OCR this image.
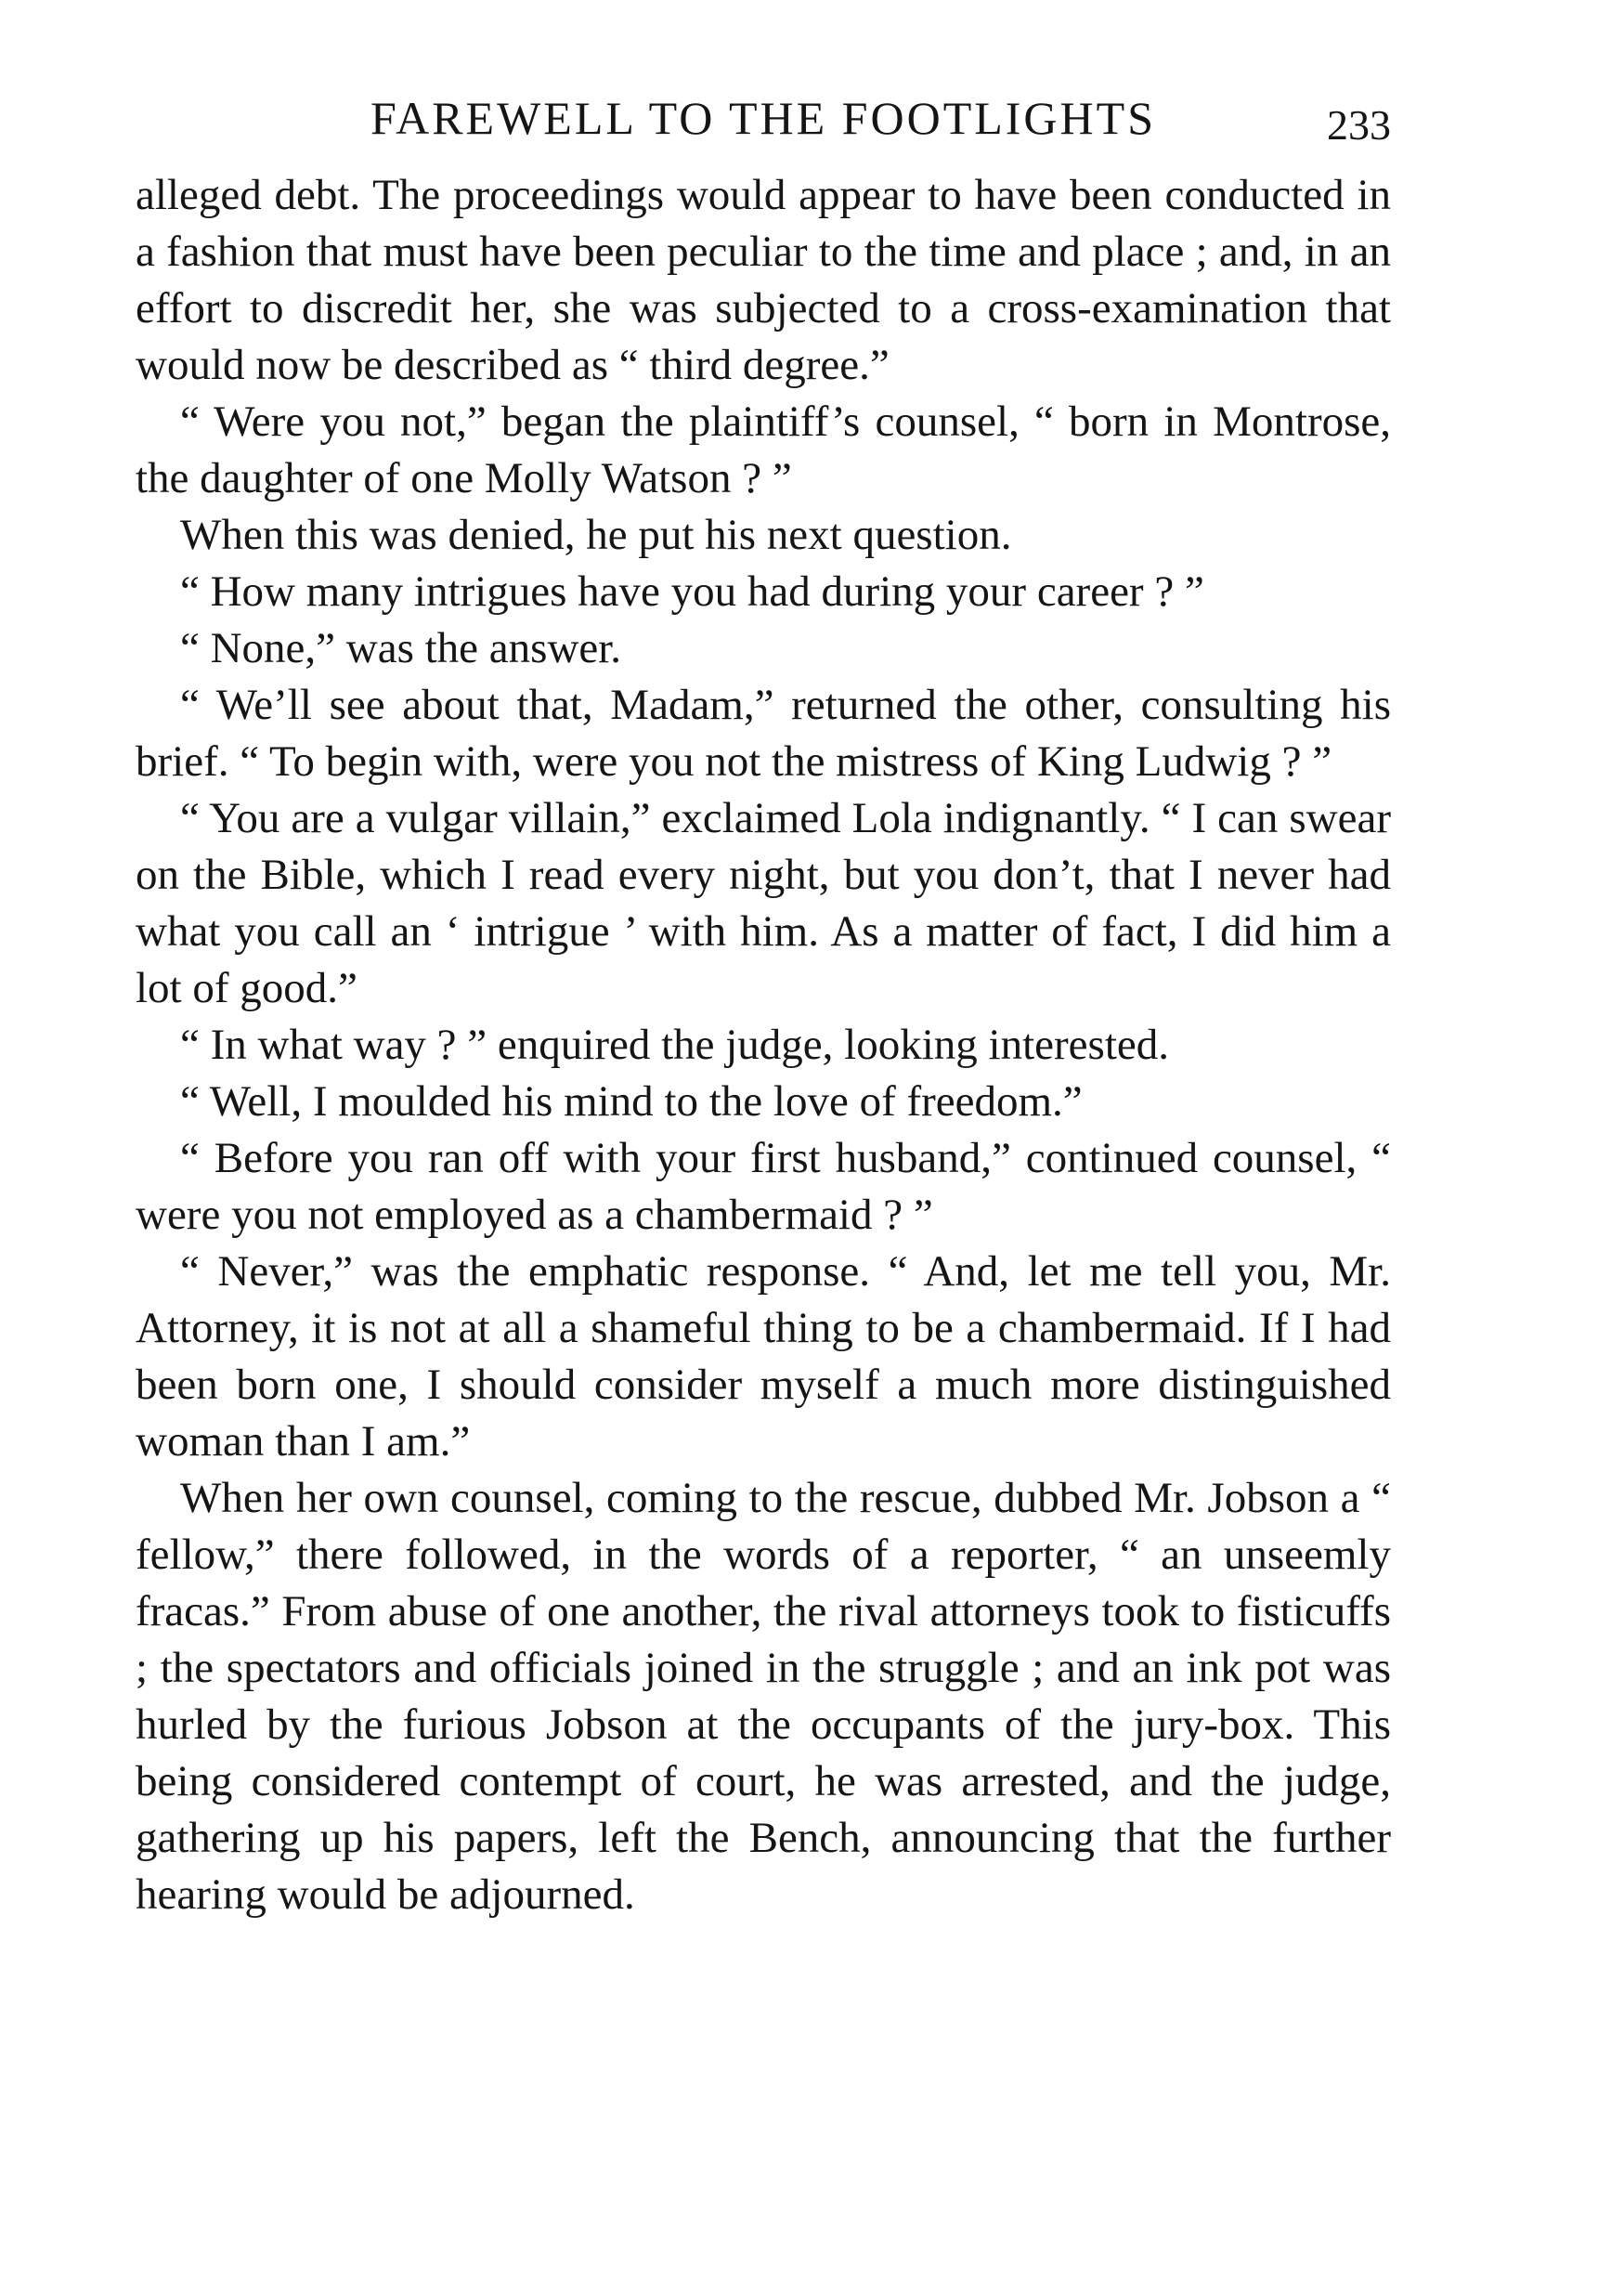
FAREWELL TO THE FOOTLIGHTS	233

alleged debt. The proceedings would appear to have been conducted in a fashion that must have been peculiar to the time and place ; and, in an effort to discredit her, she was subjected to a cross-examination that would now be described as “ third degree.”

“ Were you not,” began the plaintiff’s counsel, “ born in Montrose, the daughter of one Molly Watson ? ”

When this was denied, he put his next question.

“ How many intrigues have you had during your career ? ”

“ None,” was the answer.

“ We’ll see about that, Madam,” returned the other, consulting his brief. “ To begin with, were you not the mistress of King Ludwig ? ”

“ You are a vulgar villain,” exclaimed Lola indignantly. “ I can swear on the Bible, which I read every night, but you don’t, that I never had what you call an ‘ intrigue ’ with him. As a matter of fact, I did him a lot of good.”

“ In what way ? ” enquired the judge, looking interested.

“ Well, I moulded his mind to the love of freedom.”

“ Before you ran off with your first husband,” continued counsel, “ were you not employed as a chambermaid ? ”

“ Never,” was the emphatic response. “ And, let me tell you, Mr. Attorney, it is not at all a shameful thing to be a chambermaid. If I had been born one, I should consider myself a much more distinguished woman than I am.”

When her own counsel, coming to the rescue, dubbed Mr. Jobson a “ fellow,” there followed, in the words of a reporter, “ an unseemly fracas.” From abuse of one another, the rival attorneys took to fisticuffs ; the spectators and officials joined in the struggle ; and an ink pot was hurled by the furious Jobson at the occupants of the jury-box. This being considered contempt of court, he was arrested, and the judge, gathering up his papers, left the Bench, announcing that the further hearing would be adjourned.
